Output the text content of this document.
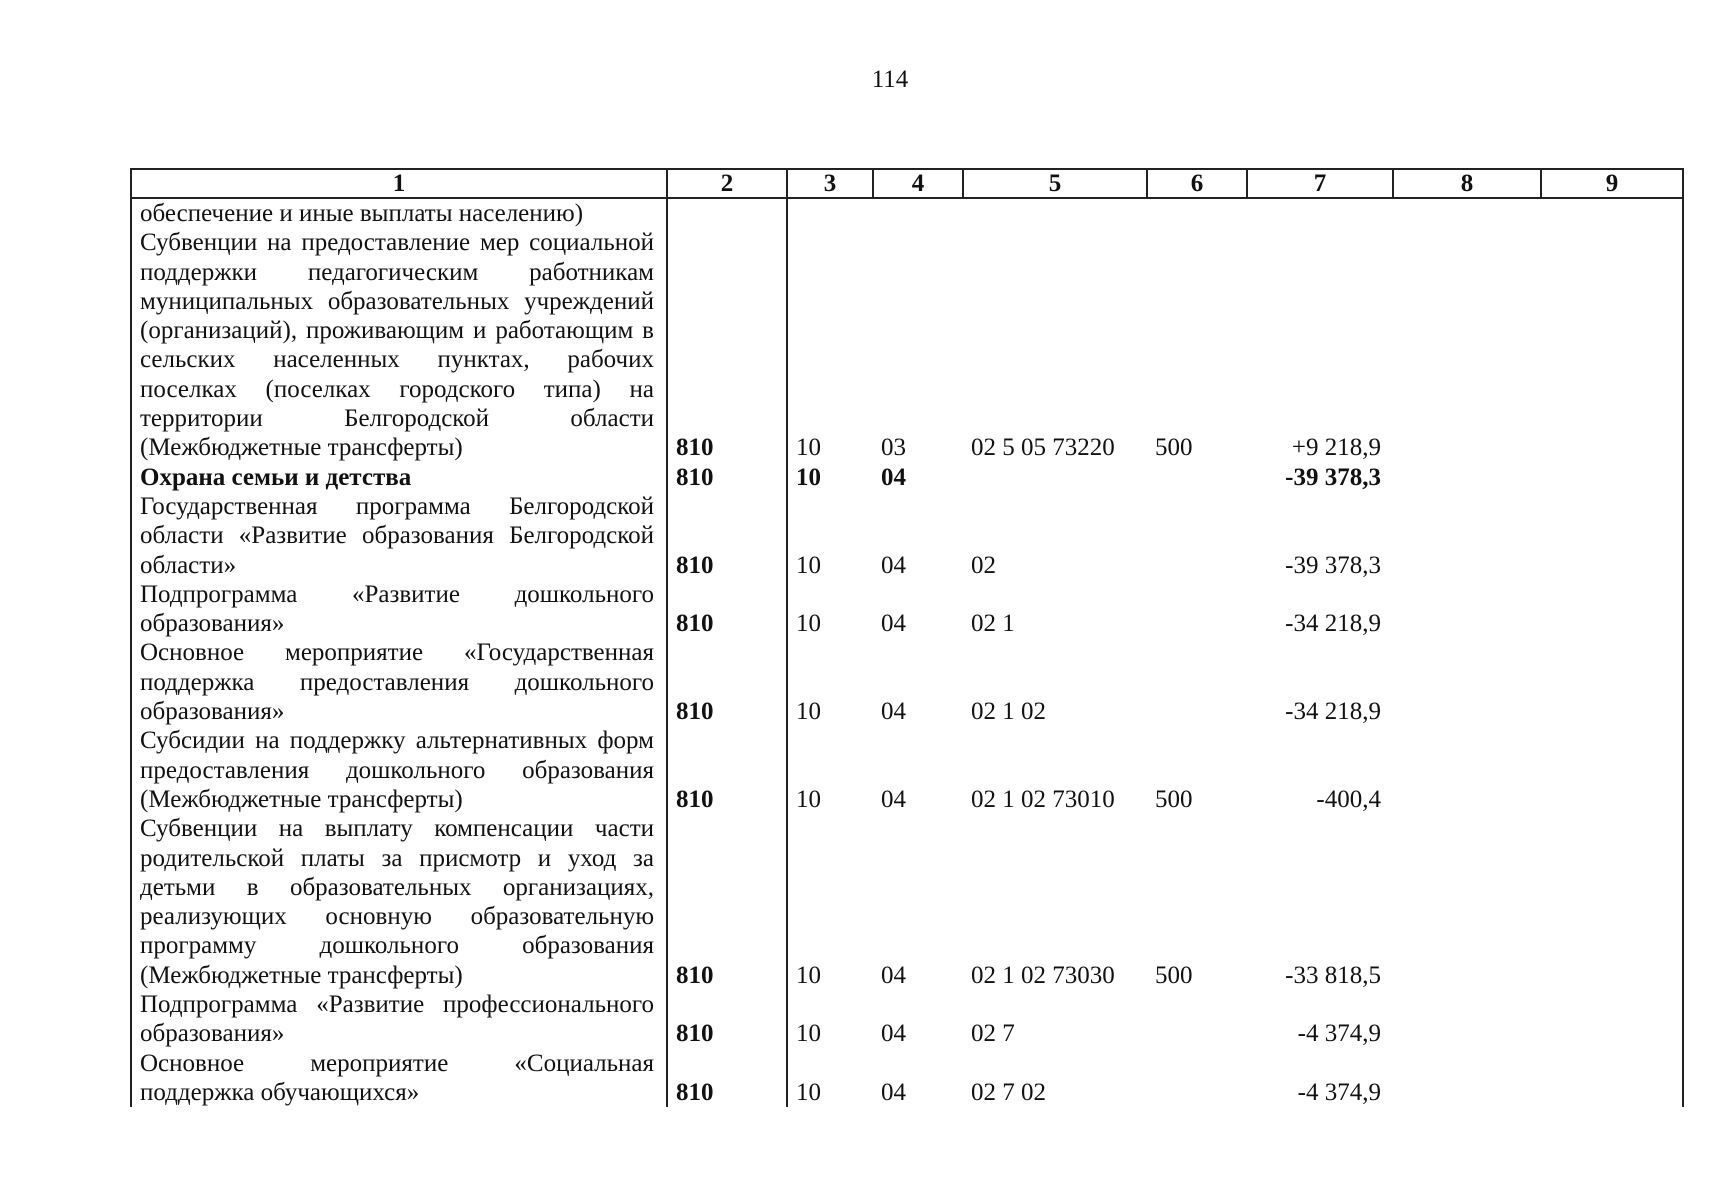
114
1	2	3	4	5	6	7	8	9
обеспечение и иные выплаты населению)								
Субвенции на предоставление мер социальной поддержки педагогическим работникам муниципальных образовательных учреждений (организаций), проживающим и работающим в сельских населенных пунктах, рабочих поселках (поселках городского типа) на территории Белгородской области (Межбюджетные трансферты)	810	10	03	02 5 05 73220	500	+9 218,9		
Охрана семьи и детства	810	10	04			-39 378,3		
Государственная программа Белгородской области «Развитие образования Белгородской области»	810	10	04	02		-39 378,3		
Подпрограмма «Развитие дошкольного образования»	810	10	04	02 1		-34 218,9		
Основное мероприятие «Государственная поддержка предоставления дошкольного образования»	810	10	04	02 1 02		-34 218,9		
Субсидии на поддержку альтернативных форм предоставления дошкольного образования (Межбюджетные трансферты)	810	10	04	02 1 02 73010	500	-400,4		
Субвенции на выплату компенсации части родительской платы за присмотр и уход за детьми в образовательных организациях, реализующих основную образовательную программу дошкольного образования (Межбюджетные трансферты)	810	10	04	02 1 02 73030	500	-33 818,5		
Подпрограмма «Развитие профессионального образования»	810	10	04	02 7		-4 374,9		
Основное мероприятие «Социальная поддержка обучающихся»	810	10	04	02 7 02		-4 374,9		
